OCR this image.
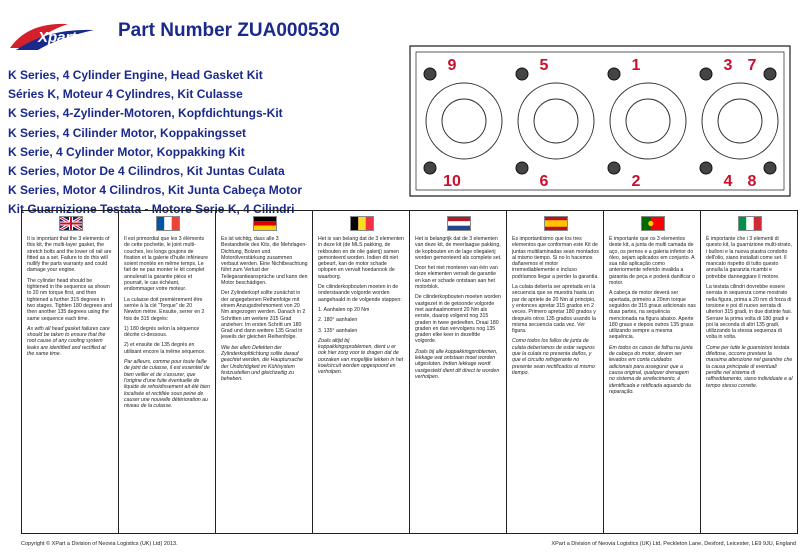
Xpart Part Number ZUA000530
K Series, 4 Cylinder Engine, Head Gasket Kit
Séries K, Moteur 4 Cylindres, Kit Culasse
K Series, 4-Zylinder-Motoren, Kopfdichtungs-Kit
K Series, 4 Cilinder Motor, Koppakingsset
K Serie, 4 Cylinder Motor, Koppakking Kit
K Series, Motor De 4 Cilindros, Kit Juntas Culata
K Series, Motor 4 Cilindros, Kit Junta Cabeça Motor
Kit Guarnizione Testata - Motore Serie K, 4 Cilindri
9
10
5
6
1
2
3
4
7
8

It is important that the 3 elements of this kit, the multi-layer gasket, the stretch bolts and the lower oil rail are fitted as a set. Failure to do this will nullify the parts warranty and could damage your engine.

The cylinder head should be tightened in the sequence as shown to 20 nm torque first, and then tightened a further 315 degrees in two stages. Tighten 180 degrees and then another 135 degrees using the same sequence each time.

As with all head gasket failures care should be taken to ensure that the root cause of any cooling system leaks are identified and rectified at the same time.

Il est primordial que les 3 éléments de cette pochette, le joint multi-couches, les longs goujons de fixation et la galerie d'huile inférieure soient montés en même temps. Le fait de ne pas monter le kit complet annulerait la garantie pièce et pourrait, le cas échéant, endommager votre moteur.

La culasse doit premièrement être serrée à la clé "Torque" de 20 Newton mètre. Ensuite, serrer en 2 fois de 315 degrés:

1) 180 degrés selon la séquence décrite ci-dessous.

2) et ensuite de 135 degrés en utilisant encore la même séquence.

Par ailleurs, comme pour toute faille de joint de culasse, il est essentiel de bien veiller et de s'assurer, que l'origine d'une fuite éventuelle de liquide de refroidissement ait été bien localisée et rectifiée sous peine de causer une nouvelle détérioration au niveau de la culasse.

Es ist wichtig, dass alle 3 Bestandteile des Kits, die Mehrlagen-Dichtung, Bolzen und Motorölverstärkung zusammen verbaut werden. Eine Nichtbeachtung führt zum Verlust der Teilegarantieansprüche und kann den Motor beschädigen.

Der Zylinderkopf sollte zunächst in der angegebenen Reihenfolge mit einem Anzugsdrehmoment von 20 Nm angezogen werden. Danach in 2 Schritten um weitere 315 Grad anziehen: Im ersten Schritt um 180 Grad und dann weitere 135 Grad in jeweils der gleichen Reihenfolge.

Wie bei allen Defekten der Zylinderkopfdichtung sollte darauf geachtet werden, die Hauptursache der Undichtigkeit im Kühlsystem festzustellen und gleichzeitig zu beheben.

Het is van belang dat de 3 elementen in deze kit (de MLS pakking, de rekbouten en de olie galerij) samen gemonteerd worden. Indien dit niet gebeurt, kan de motor schade oplopen en vervalt hoedanook de waarborg.

De cilinderkopbouten moeten in de onderstaande volgorde worden aangehaald in de volgende stappen:

1. Aanhalen op 20 Nm

2. 180° aanhalen

3. 135° aanhalen

Zoals altijd bij koppakkingsproblemen, dient u er ook hier zorg voor te dragen dat de oorzaken van mogelijke lekken in het koelcircuit worden opgespoord en verholpen.

Het is belangrijk dat de 3 elementen van deze kit, de meerlaagse pakking, de kopbouten en de lage oliegalerij worden gemonteerd als complete set.

Door het niet monteren van één van deze elementen vervalt de garantie en kan er schade ontstaan aan het motorblok.

De cilinderkopbouten moeten worden vastgezet in de getoonde volgorde met aanhaalmoment 20 Nm als eerste, daarop volgend nog 315 graden in twee gedeelten. Draai 180 graden en dan vervolgens nog 135 graden elke keer in dezelfde volgorde.

Zoals bij alle koppakkingproblemen, lekkage wat ontstaan moet worden uitgesloten. Indien lekkage wordt vastgesteld dient dit direct te worden verholpen.

Es importantísimo que los tres elementos que conforman este Kit de juntas multilaminadas sean montados al mismo tiempo. Si no lo hacemos dañaremos el motor irremediablemente e incluso podríamos llegar a perder la garantía.

La culata debería ser apretada en la secuencia que se muestra hasta un par de apriete de 20 Nm al principio, y entonces apretar 315 grados en 2 veces. Primero apretar 180 grados y después otros 135 grados usando la misma secuencia cada vez. Ver figura.

Como todos los fallos de junta de culata deberíamos de estar seguros que la culata no presenta daños, y que el circuito refrigerante no presente sean rectificados al mismo tiempo.

É importante que os 3 elementos deste kit, a junta de multi camada de aço, os pernos e a galeria inferior do óleo, sejam aplicados em conjunto. A sua não aplicação como anteriormente referido invalida a garantia de peça e poderá danificar o motor.

A cabeça de motor deverá ser apertada, primeiro a 20nm torque seguidos de 315 graus adicionais nas duas partes, na sequência mencionada na figura abaixo. Aperte 180 graus e depois outros 135 graus utilizando sempre a mesma sequência.

Em todos os casos de falha na junta de cabeça do motor, devem ser levados em conta cuidados adicionais para assegurar que a causa original, qualquer drenagem no sistema de arrefecimento, é identificada e retificada aquando da reparação.

È importante che i 3 elementi di questo kit, la guarnizione multi-strato, i bulloni e la nuova piastra condotto dell'olio, siano installati come set. Il mancato rispetto di tutto questo annulla la garanzia ricambi e potrebbe danneggiare il motore.

La testata cilindri dovrebbe essere serrata in sequenza come mostrato nella figura, prima a 20 nm di forza di torsione e poi di nuovo serrata di ulteriori 315 gradi, in due distinte fasi. Serrare la prima volta di 180 gradi e poi la seconda di altri 135 gradi, utilizzando la stessa sequenza di volta in volta.

Come per tutte le guarnizioni testata difettose, occorre prestare la massima attenzione nel garantire che la causa principale di eventuali perdite nel sistema di raffreddamento, siano individuate e al tempo stesso corrette.

Copyright © XPart a Division of Neovia Logistics (UK) Ltd) 2013.	XPart a Division of Neovia Logistics (UK) Ltd, Peckleton Lane, Desford, Leicester, LE9 9JU, England
